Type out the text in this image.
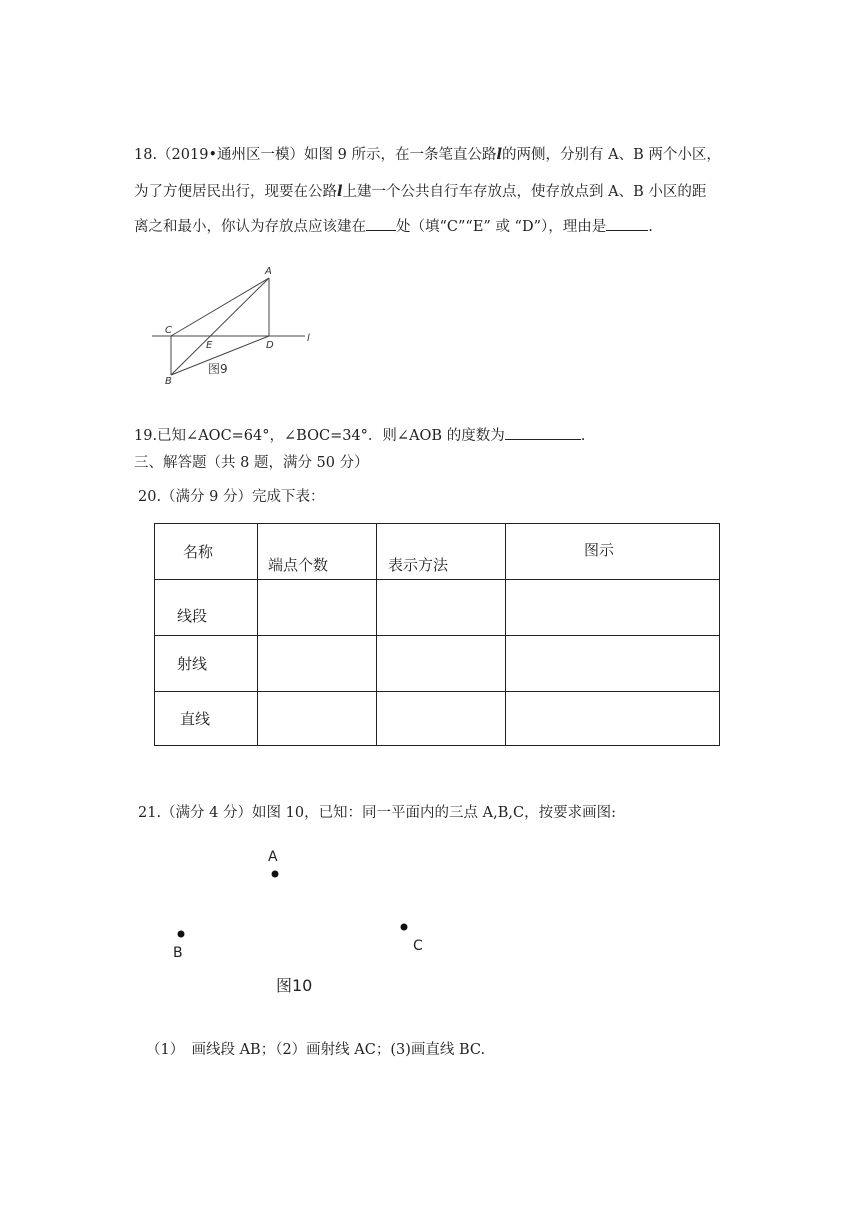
18.（2019•通州区一模）如图 9 所示，在一条笔直公路l的两侧，分别有 A、B 两个小区，
为了方便居民出行，现要在公路l上建一个公共自行车存放点，使存放点到 A、B 小区的距
离之和最小，你认为存放点应该建在 处（填“C”“E” 或 “D”），理由是	.
A
C
E	D
B
l
图9
19.已知∠AOC=64°，∠BOC=34°．则∠AOB 的度数为	.
三、解答题（共 8 题，满分 50 分）
20.（满分 9 分）完成下表：
名称	端点个数	表示方法	图示
线段			
射线			
直线			
21.（满分 4 分）如图 10，已知：同一平面内的三点 A,B,C，按要求画图:
A
B	C
图10
（1）　画线段 AB；（2）画射线 AC；(3)画直线 BC.
